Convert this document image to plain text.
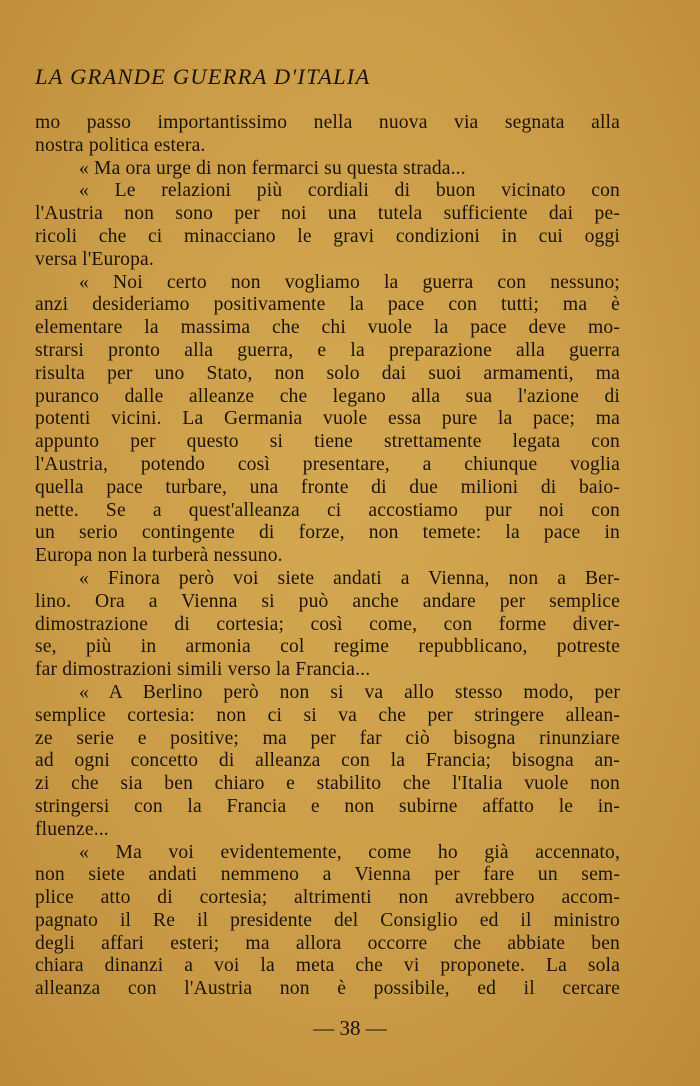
LA GRANDE GUERRA D'ITALIA
mo passo importantissimo nella nuova via segnata alla
nostra politica estera.
« Ma ora urge di non fermarci su questa strada...
« Le relazioni più cordiali di buon vicinato con
l'Austria non sono per noi una tutela sufficiente dai pe-
ricoli che ci minacciano le gravi condizioni in cui oggi
versa l'Europa.
« Noi certo non vogliamo la guerra con nessuno;
anzi desideriamo positivamente la pace con tutti; ma è
elementare la massima che chi vuole la pace deve mo-
strarsi pronto alla guerra, e la preparazione alla guerra
risulta per uno Stato, non solo dai suoi armamenti, ma
puranco dalle alleanze che legano alla sua l'azione di
potenti vicini. La Germania vuole essa pure la pace; ma
appunto per questo si tiene strettamente legata con
l'Austria, potendo così presentare, a chiunque voglia
quella pace turbare, una fronte di due milioni di baio-
nette. Se a quest'alleanza ci accostiamo pur noi con
un serio contingente di forze, non temete: la pace in
Europa non la turberà nessuno.
« Finora però voi siete andati a Vienna, non a Ber-
lino. Ora a Vienna si può anche andare per semplice
dimostrazione di cortesia; così come, con forme diver-
se, più in armonia col regime repubblicano, potreste
far dimostrazioni simili verso la Francia...
« A Berlino però non si va allo stesso modo, per
semplice cortesia: non ci si va che per stringere allean-
ze serie e positive; ma per far ciò bisogna rinunziare
ad ogni concetto di alleanza con la Francia; bisogna an-
zi che sia ben chiaro e stabilito che l'Italia vuole non
stringersi con la Francia e non subirne affatto le in-
fluenze...
« Ma voi evidentemente, come ho già accennato,
non siete andati nemmeno a Vienna per fare un sem-
plice atto di cortesia; altrimenti non avrebbero accom-
pagnato il Re il presidente del Consiglio ed il ministro
degli affari esteri; ma allora occorre che abbiate ben
chiara dinanzi a voi la meta che vi proponete. La sola
alleanza con l'Austria non è possibile, ed il cercare
— 38 —
